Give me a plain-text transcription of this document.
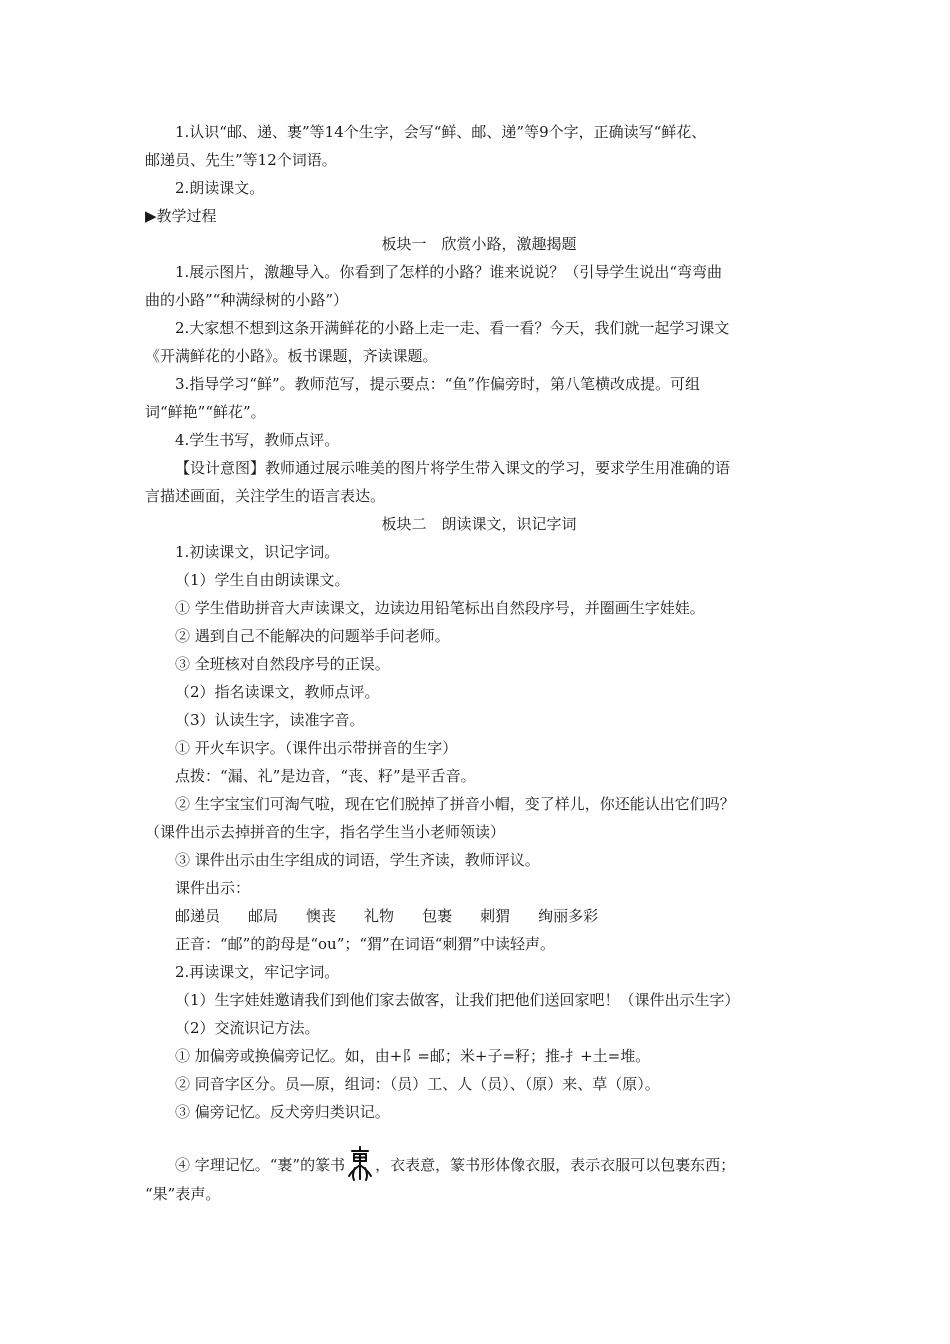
1.认识“邮、递、裹”等14个生字，会写“鲜、邮、递”等9个字，正确读写“鲜花、
邮递员、先生”等12个词语。
2.朗读课文。
▶教学过程
板块一　欣赏小路，激趣揭题
1.展示图片，激趣导入。你看到了怎样的小路？谁来说说？（引导学生说出“弯弯曲
曲的小路”“种满绿树的小路”）
2.大家想不想到这条开满鲜花的小路上走一走、看一看？今天，我们就一起学习课文
《开满鲜花的小路》。板书课题，齐读课题。
3.指导学习“鲜”。教师范写，提示要点：“鱼”作偏旁时，第八笔横改成提。可组
词“鲜艳”“鲜花”。
4.学生书写，教师点评。
【设计意图】教师通过展示唯美的图片将学生带入课文的学习，要求学生用准确的语
言描述画面，关注学生的语言表达。
板块二　朗读课文，识记字词
1.初读课文，识记字词。
（1）学生自由朗读课文。
① 学生借助拼音大声读课文，边读边用铅笔标出自然段序号，并圈画生字娃娃。
② 遇到自己不能解决的问题举手问老师。
③ 全班核对自然段序号的正误。
（2）指名读课文，教师点评。
（3）认读生字，读准字音。
① 开火车识字。（课件出示带拼音的生字）
点拨：“漏、礼”是边音，“丧、籽”是平舌音。
② 生字宝宝们可淘气啦，现在它们脱掉了拼音小帽，变了样儿，你还能认出它们吗？
（课件出示去掉拼音的生字，指名学生当小老师领读）
③ 课件出示由生字组成的词语，学生齐读，教师评议。
课件出示：
邮递员 邮局 懊丧 礼物 包裹 刺猬 绚丽多彩
正音：“邮”的韵母是“ou”；“猬”在词语“刺猬”中读轻声。
2.再读课文，牢记字词。
（1）生字娃娃邀请我们到他们家去做客，让我们把他们送回家吧！（课件出示生字）
（2）交流识记方法。
① 加偏旁或换偏旁记忆。如，由+阝=邮；米+子=籽；推-扌+土=堆。
② 同音字区分。员—原，组词：（员）工、人（员）、（原）来、草（原）。
③ 偏旁记忆。反犬旁归类识记。
④ 字理记忆。“裹”的篆书 ，衣表意，篆书形体像衣服，表示衣服可以包裹东西；
“果”表声。
